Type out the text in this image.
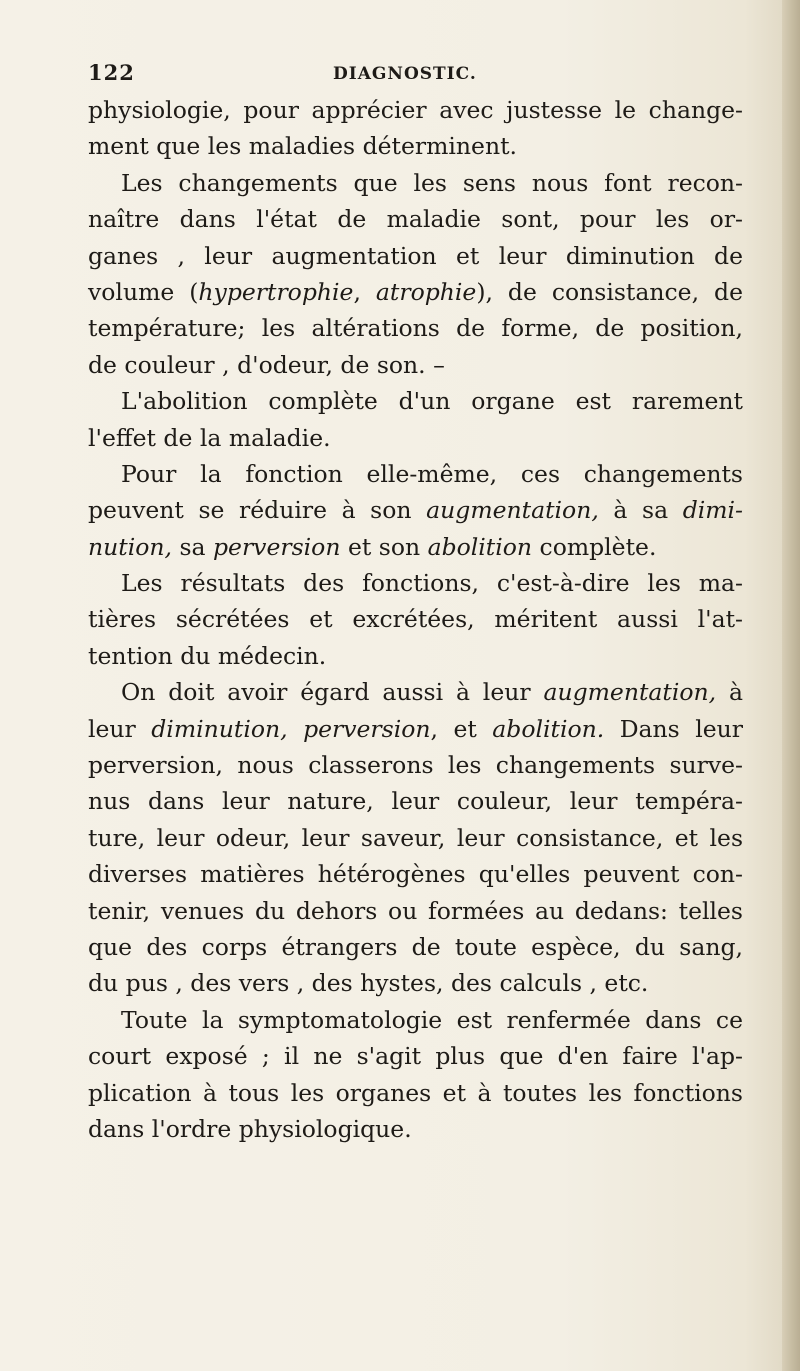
122	DIAGNOSTIC.
physiologie, pour apprécier avec justesse le change-
ment que les maladies déterminent.
Les changements que les sens nous font recon-
naître dans l'état de maladie sont, pour les or-
ganes , leur augmentation et leur diminution de
volume (hypertrophie, atrophie), de consistance, de
température; les altérations de forme, de position,
de couleur , d'odeur, de son. –
L'abolition complète d'un organe est rarement
l'effet de la maladie.
Pour la fonction elle-même, ces changements
peuvent se réduire à son augmentation, à sa dimi-
nution, sa perversion et son abolition complète.
Les résultats des fonctions, c'est-à-dire les ma-
tières sécrétées et excrétées, méritent aussi l'at-
tention du médecin.
On doit avoir égard aussi à leur augmentation, à
leur diminution, perversion, et abolition. Dans leur
perversion, nous classerons les changements surve-
nus dans leur nature, leur couleur, leur tempéra-
ture, leur odeur, leur saveur, leur consistance, et les
diverses matières hétérogènes qu'elles peuvent con-
tenir, venues du dehors ou formées au dedans: telles
que des corps étrangers de toute espèce, du sang,
du pus , des vers , des hystes, des calculs , etc.
Toute la symptomatologie est renfermée dans ce
court exposé ; il ne s'agit plus que d'en faire l'ap-
plication à tous les organes et à toutes les fonctions
dans l'ordre physiologique.
